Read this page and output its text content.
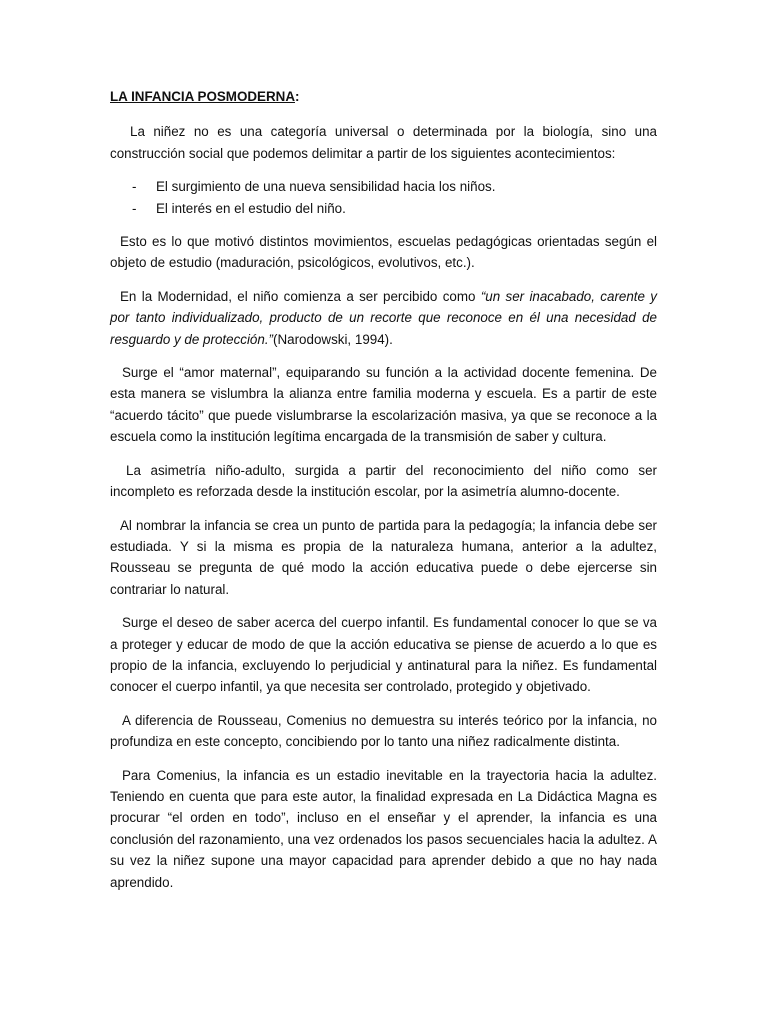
LA INFANCIA POSMODERNA:

La niñez no es una categoría universal o determinada por la biología, sino una construcción social que podemos delimitar a partir de los siguientes acontecimientos:

- El surgimiento de una nueva sensibilidad hacia los niños.
- El interés en el estudio del niño.

Esto es lo que motivó distintos movimientos, escuelas pedagógicas orientadas según el objeto de estudio (maduración, psicológicos, evolutivos, etc.).

En la Modernidad, el niño comienza a ser percibido como “un ser inacabado, carente y por tanto individualizado, producto de un recorte que reconoce en él una necesidad de resguardo y de protección.”(Narodowski, 1994).

Surge el “amor maternal”, equiparando su función a la actividad docente femenina. De esta manera se vislumbra la alianza entre familia moderna y escuela. Es a partir de este “acuerdo tácito” que puede vislumbrarse la escolarización masiva, ya que se reconoce a la escuela como la institución legítima encargada de la transmisión de saber y cultura.

La asimetría niño-adulto, surgida a partir del reconocimiento del niño como ser incompleto es reforzada desde la institución escolar, por la asimetría alumno-docente.

Al nombrar la infancia se crea un punto de partida para la pedagogía; la infancia debe ser estudiada. Y si la misma es propia de la naturaleza humana, anterior a la adultez, Rousseau se pregunta de qué modo la acción educativa puede o debe ejercerse sin contrariar lo natural.

Surge el deseo de saber acerca del cuerpo infantil. Es fundamental conocer lo que se va a proteger y educar de modo de que la acción educativa se piense de acuerdo a lo que es propio de la infancia, excluyendo lo perjudicial y antinatural para la niñez. Es fundamental conocer el cuerpo infantil, ya que necesita ser controlado, protegido y objetivado.

A diferencia de Rousseau, Comenius no demuestra su interés teórico por la infancia, no profundiza en este concepto, concibiendo por lo tanto una niñez radicalmente distinta.

Para Comenius, la infancia es un estadio inevitable en la trayectoria hacia la adultez. Teniendo en cuenta que para este autor, la finalidad expresada en La Didáctica Magna es procurar “el orden en todo”, incluso en el enseñar y el aprender, la infancia es una conclusión del razonamiento, una vez ordenados los pasos secuenciales hacia la adultez. A su vez la niñez supone una mayor capacidad para aprender debido a que no hay nada aprendido.
